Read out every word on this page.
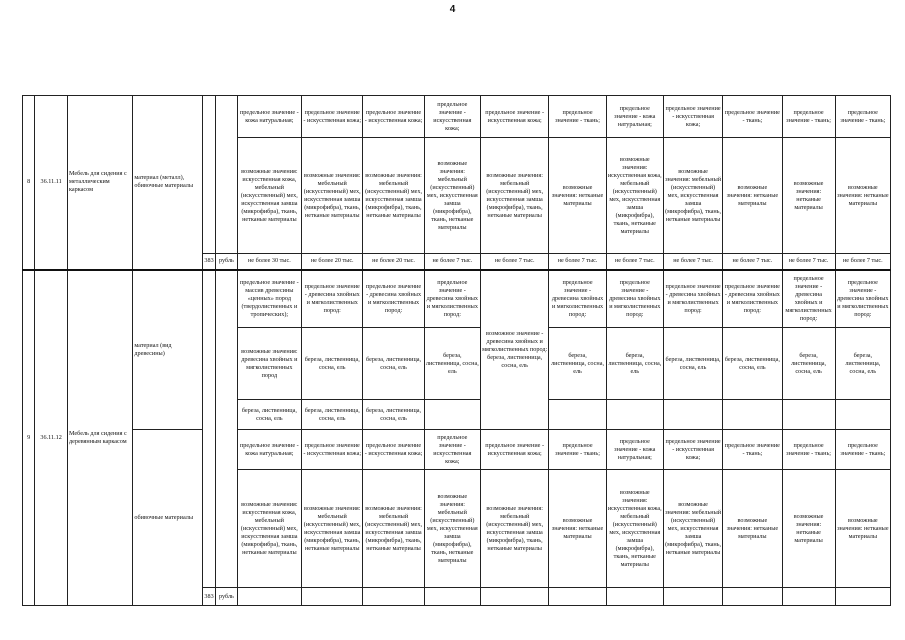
4
8	36.11.11	Мебель для сидения с металлическим каркасом	материал (металл), обивочные материалы			предельное значение - кожа натуральная;	предельное значение - искусственная кожа;	предельное значение - искусственная кожа;	предельное значение - искусственная кожа;	предельное значение - искусственная кожа;	предельное значение - ткань;	предельное значение - кожа натуральная;	предельное значение - искусственная кожа;	предельное значение - ткань;	предельное значение - ткань;	предельное значение - ткань;
						возможные значения: искусственная кожа, мебельный (искусственный) мех, искусственная замша (микрофибра), ткань, нетканые материалы	возможные значения: мебельный (искусственный) мех, искусственная замша (микрофибра), ткань, нетканые материалы	возможные значения: мебельный (искусственный) мех, искусственная замша (микрофибра), ткань, нетканые материалы	возможные значения: мебельный (искусственный) мех, искусственная замша (микрофибра), ткань, нетканые материалы	возможные значения: мебельный (искусственный) мех, искусственная замша (микрофибра), ткань, нетканые материалы	возможные значения: нетканые материалы	возможные значения: искусственная кожа, мебельный (искусственный) мех, искусственная замша (микрофибра), ткань, нетканые материалы	возможные значения: мебельный (искусственный) мех, искусственная замша (микрофибра), ткань, нетканые материалы	возможные значения: нетканые материалы	возможные значения: нетканые материалы	возможные значения: нетканые материалы
				383	рубль	не более 30 тыс.	не более 20 тыс.	не более 20 тыс.	не более 7 тыс.	не более 7 тыс.	не более 7 тыс.	не более 7 тыс.	не более 7 тыс.	не более 7 тыс.	не более 7 тыс.	не более 7 тыс.
9	36.11.12	Мебель для сидения с деревянным каркасом	материал (вид древесины)			предельное значение - массив древесины «ценных» пород (твердолиственных и тропических);	предельное значение - древесина хвойных и мягколиственных пород:	предельное значение - древесина хвойных и мягколиственных пород:	предельное значение - древесина хвойных и мягколиственных пород:	возможное значение - древесина хвойных и мягколиственных пород: береза, лиственница, сосна, ель	предельное значение - древесина хвойных и мягколиственных пород:	предельное значение - древесина хвойных и мягколиственных пород:	предельное значение - древесина хвойных и мягколиственных пород:	предельное значение - древесина хвойных и мягколиственных пород:	предельное значение - древесина хвойных и мягколиственных пород:	предельное значение - древесина хвойных и мягколиственных пород:
						возможные значения: древесина хвойных и мягколиственных пород	береза, лиственница, сосна, ель	береза, лиственница, сосна, ель	береза, лиственница, сосна, ель		береза, лиственница, сосна, ель	береза, лиственница, сосна, ель	береза, лиственница, сосна, ель	береза, лиственница, сосна, ель	береза, лиственница, сосна, ель	береза, лиственница, сосна, ель
						береза, лиственница, сосна, ель	береза, лиственница, сосна, ель	береза, лиственница, сосна, ель								
			обивочные материалы			предельное значение - кожа натуральная;	предельное значение - искусственная кожа;	предельное значение - искусственная кожа;	предельное значение - искусственная кожа;	предельное значение - искусственная кожа;	предельное значение - ткань;	предельное значение - кожа натуральная;	предельное значение - искусственная кожа;	предельное значение - ткань;	предельное значение - ткань;	предельное значение - ткань;
						возможные значения: искусственная кожа, мебельный (искусственный) мех, искусственная замша (микрофибра), ткань, нетканые материалы	возможные значения: мебельный (искусственный) мех, искусственная замша (микрофибра), ткань, нетканые материалы	возможные значения: мебельный (искусственный) мех, искусственная замша (микрофибра), ткань, нетканые материалы	возможные значения: мебельный (искусственный) мех, искусственная замша (микрофибра), ткань, нетканые материалы	возможные значения: мебельный (искусственный) мех, искусственная замша (микрофибра), ткань, нетканые материалы	возможные значения: нетканые материалы	возможные значения: искусственная кожа, мебельный (искусственный) мех, искусственная замша (микрофибра), ткань, нетканые материалы	возможные значения: мебельный (искусственный) мех, искусственная замша (микрофибра), ткань, нетканые материалы	возможные значения: нетканые материалы	возможные значения: нетканые материалы	возможные значения: нетканые материалы
				383	рубль											
